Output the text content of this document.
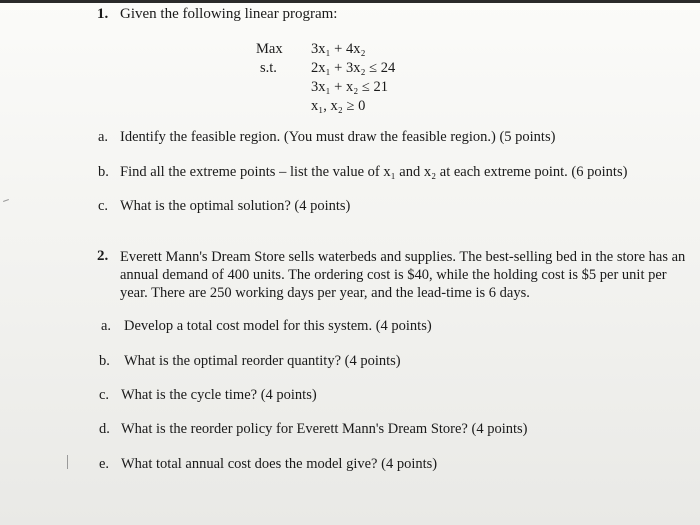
1. Given the following linear program:
Max
s.t.
3x₁ + 4x₂
2x₁ + 3x₂ ≤ 24
3x₁ + x₂ ≤ 21
x₁, x₂ ≥ 0
a. Identify the feasible region. (You must draw the feasible region.) (5 points)
b. Find all the extreme points – list the value of x₁ and x₂ at each extreme point. (6 points)
c. What is the optimal solution? (4 points)
2. Everett Mann's Dream Store sells waterbeds and supplies. The best-selling bed in the store has an annual demand of 400 units. The ordering cost is $40, while the holding cost is $5 per unit per year. There are 250 working days per year, and the lead-time is 6 days.
a. Develop a total cost model for this system. (4 points)
b. What is the optimal reorder quantity? (4 points)
c. What is the cycle time? (4 points)
d. What is the reorder policy for Everett Mann's Dream Store? (4 points)
e. What total annual cost does the model give? (4 points)
